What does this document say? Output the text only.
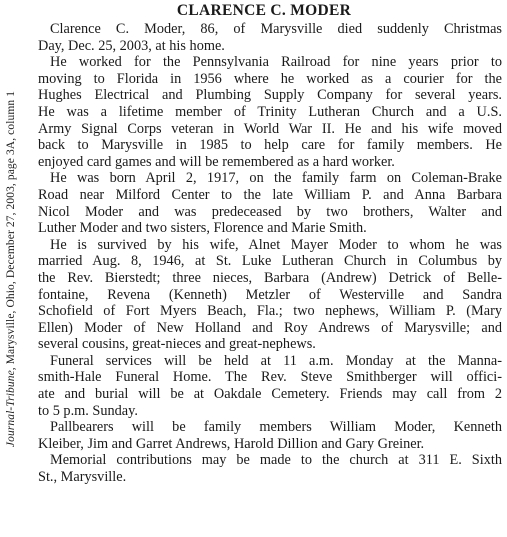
Journal-Tribune, Marysville, Ohio, December 27, 2003, page 3A, column 1
CLARENCE C. MODER
Clarence C. Moder, 86, of Marysville died suddenly Christmas
Day, Dec. 25, 2003, at his home.
He worked for the Pennsylvania Railroad for nine years prior to
moving to Florida in 1956 where he worked as a courier for the
Hughes Electrical and Plumbing Supply Company for several years.
He was a lifetime member of Trinity Lutheran Church and a U.S.
Army Signal Corps veteran in World War II. He and his wife moved
back to Marysville in 1985 to help care for family members. He
enjoyed card games and will be remembered as a hard worker.
He was born April 2, 1917, on the family farm on Coleman-Brake
Road near Milford Center to the late William P. and Anna Barbara
Nicol Moder and was predeceased by two brothers, Walter and
Luther Moder and two sisters, Florence and Marie Smith.
He is survived by his wife, Alnet Mayer Moder to whom he was
married Aug. 8, 1946, at St. Luke Lutheran Church in Columbus by
the Rev. Bierstedt; three nieces, Barbara (Andrew) Detrick of Belle-
fontaine, Revena (Kenneth) Metzler of Westerville and Sandra
Schofield of Fort Myers Beach, Fla.; two nephews, William P. (Mary
Ellen) Moder of New Holland and Roy Andrews of Marysville; and
several cousins, great-nieces and great-nephews.
Funeral services will be held at 11 a.m. Monday at the Manna-
smith-Hale Funeral Home. The Rev. Steve Smithberger will offici-
ate and burial will be at Oakdale Cemetery. Friends may call from 2
to 5 p.m. Sunday.
Pallbearers will be family members William Moder, Kenneth
Kleiber, Jim and Garret Andrews, Harold Dillion and Gary Greiner.
Memorial contributions may be made to the church at 311 E. Sixth
St., Marysville.
